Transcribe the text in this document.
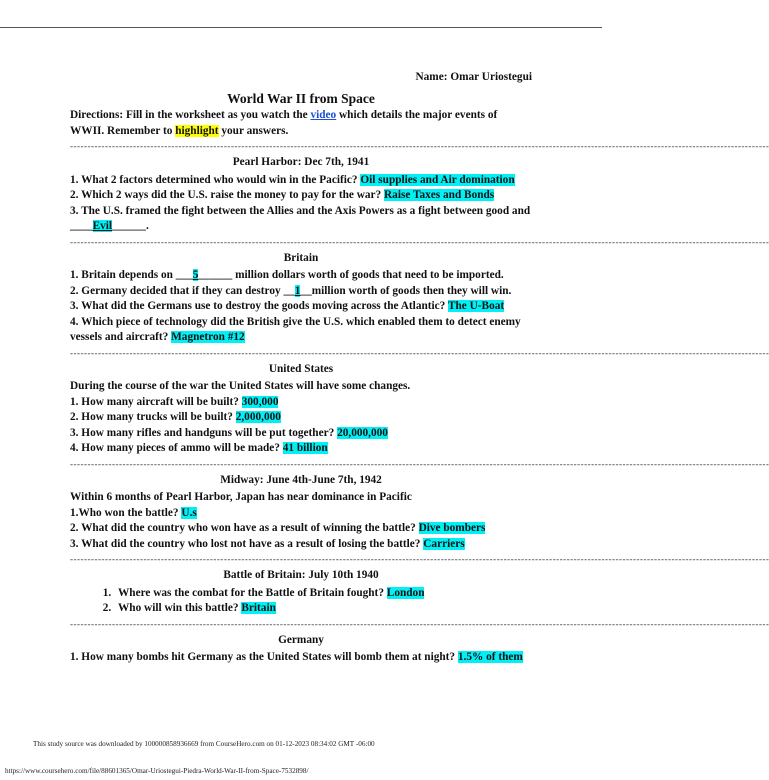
Name: Omar Uriostegui

World War II from Space

Directions: Fill in the worksheet as you watch the video which details the major events of WWII. Remember to highlight your answers.

--------------------------------------------------------------------------------------------------------------------------------------------------------------------------------------------------------

Pearl Harbor: Dec 7th, 1941

1. What 2 factors determined who would win in the Pacific? Oil supplies and Air domination

2. Which 2 ways did the U.S. raise the money to pay for the war? Raise Taxes and Bonds

3. The U.S. framed the fight between the Allies and the Axis Powers as a fight between good and ____Evil______.

--------------------------------------------------------------------------------------------------------------------------------------------------------------------------------------------------------

Britain

1. Britain depends on ___5______ million dollars worth of goods that need to be imported.

2. Germany decided that if they can destroy __1__million worth of goods then they will win.

3. What did the Germans use to destroy the goods moving across the Atlantic? The U-Boat

4. Which piece of technology did the British give the U.S. which enabled them to detect enemy vessels and aircraft? Magnetron #12

--------------------------------------------------------------------------------------------------------------------------------------------------------------------------------------------------------

United States

During the course of the war the United States will have some changes.

1. How many aircraft will be built? 300,000

2. How many trucks will be built? 2,000,000

3. How many rifles and handguns will be put together? 20,000,000

4. How many pieces of ammo will be made? 41 billion

--------------------------------------------------------------------------------------------------------------------------------------------------------------------------------------------------------

Midway: June 4th-June 7th, 1942

Within 6 months of Pearl Harbor, Japan has near dominance in Pacific

1.Who won the battle? U.s

2. What did the country who won have as a result of winning the battle? Dive bombers

3. What did the country who lost not have as a result of losing the battle? Carriers

--------------------------------------------------------------------------------------------------------------------------------------------------------------------------------------------------------

Battle of Britain: July 10th 1940

1. Where was the combat for the Battle of Britain fought? London
2. Who will win this battle? Britain
--------------------------------------------------------------------------------------------------------------------------------------------------------------------------------------------------------

Germany

1. How many bombs hit Germany as the United States will bomb them at night? 1.5% of them

This study source was downloaded by 100000858936669 from CourseHero.com on 01-12-2023 08:34:02 GMT -06:00
https://www.coursehero.com/file/88601365/Omar-Uriostegui-Piedra-World-War-II-from-Space-7532898/
